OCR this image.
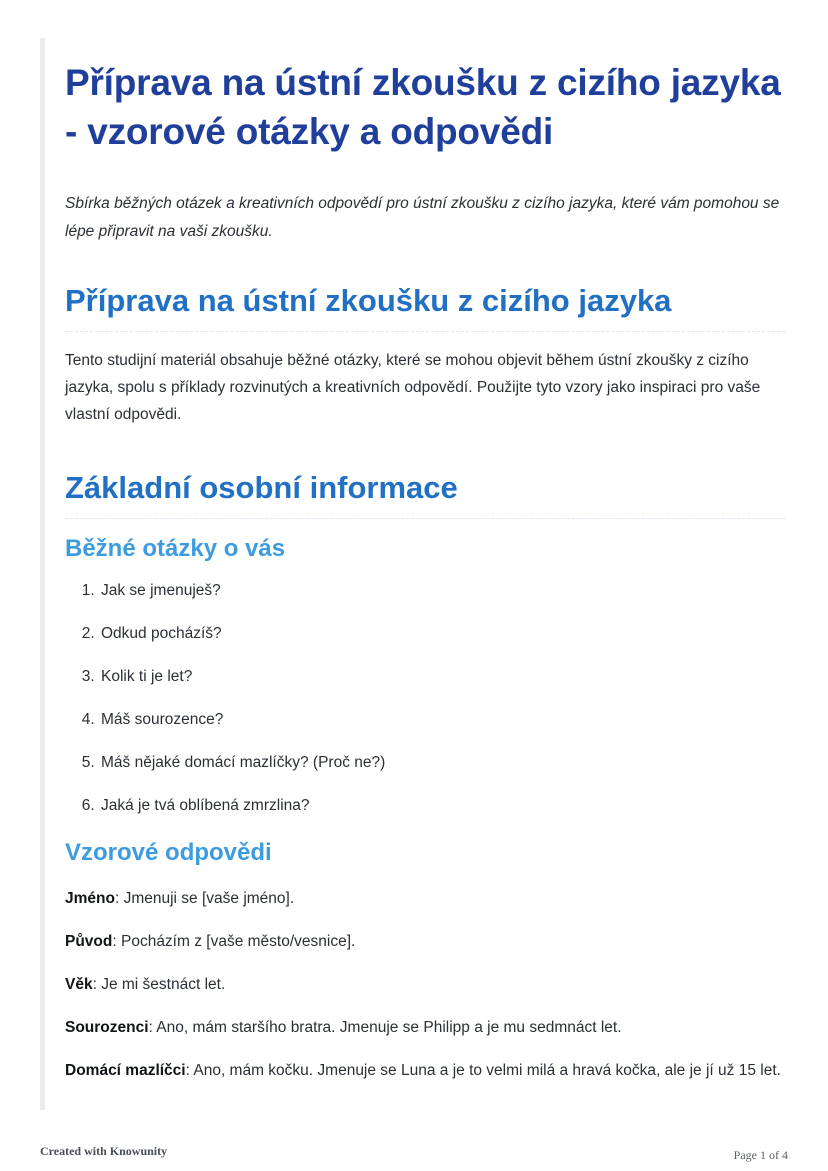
Příprava na ústní zkoušku z cizího jazyka - vzorové otázky a odpovědi

Sbírka běžných otázek a kreativních odpovědí pro ústní zkoušku z cizího jazyka, které vám pomohou se lépe připravit na vaši zkoušku.

Příprava na ústní zkoušku z cizího jazyka

Tento studijní materiál obsahuje běžné otázky, které se mohou objevit během ústní zkoušky z cizího jazyka, spolu s příklady rozvinutých a kreativních odpovědí. Použijte tyto vzory jako inspiraci pro vaše vlastní odpovědi.

Základní osobní informace
Běžné otázky o vás
1. Jak se jmenuješ?
2. Odkud pocházíš?
3. Kolik ti je let?
4. Máš sourozence?
5. Máš nějaké domácí mazlíčky? (Proč ne?)
6. Jaká je tvá oblíbená zmrzlina?
Vzorové odpovědi

Jméno: Jmenuji se [vaše jméno].

Původ: Pocházím z [vaše město/vesnice].

Věk: Je mi šestnáct let.

Sourozenci: Ano, mám staršího bratra. Jmenuje se Philipp a je mu sedmnáct let.

Domácí mazlíčci: Ano, mám kočku. Jmenuje se Luna a je to velmi milá a hravá kočka, ale je jí už 15 let.

Created with Knowunity	Page 1 of 4
